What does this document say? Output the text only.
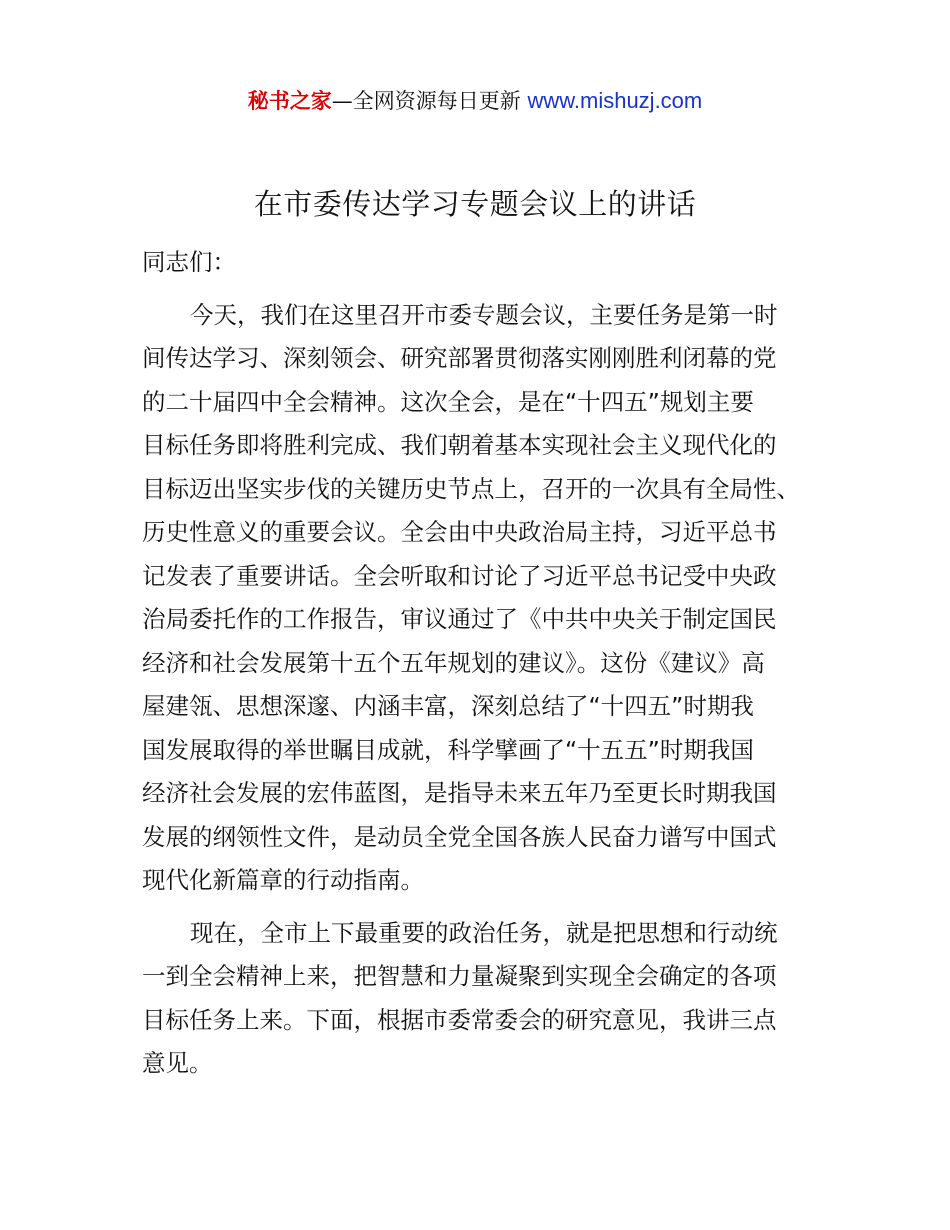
秘书之家—全网资源每日更新 www.mishuzj.com
在市委传达学习专题会议上的讲话

同志们：

今天，我们在这里召开市委专题会议，主要任务是第一时
间传达学习、深刻领会、研究部署贯彻落实刚刚胜利闭幕的党
的二十届四中全会精神。这次全会，是在“十四五”规划主要
目标任务即将胜利完成、我们朝着基本实现社会主义现代化的
目标迈出坚实步伐的关键历史节点上，召开的一次具有全局性、
历史性意义的重要会议。全会由中央政治局主持，习近平总书
记发表了重要讲话。全会听取和讨论了习近平总书记受中央政
治局委托作的工作报告，审议通过了《中共中央关于制定国民
经济和社会发展第十五个五年规划的建议》。这份《建议》高
屋建瓴、思想深邃、内涵丰富，深刻总结了“十四五”时期我
国发展取得的举世瞩目成就，科学擘画了“十五五”时期我国
经济社会发展的宏伟蓝图，是指导未来五年乃至更长时期我国
发展的纲领性文件，是动员全党全国各族人民奋力谱写中国式
现代化新篇章的行动指南。
现在，全市上下最重要的政治任务，就是把思想和行动统
一到全会精神上来，把智慧和力量凝聚到实现全会确定的各项
目标任务上来。下面，根据市委常委会的研究意见，我讲三点
意见。
